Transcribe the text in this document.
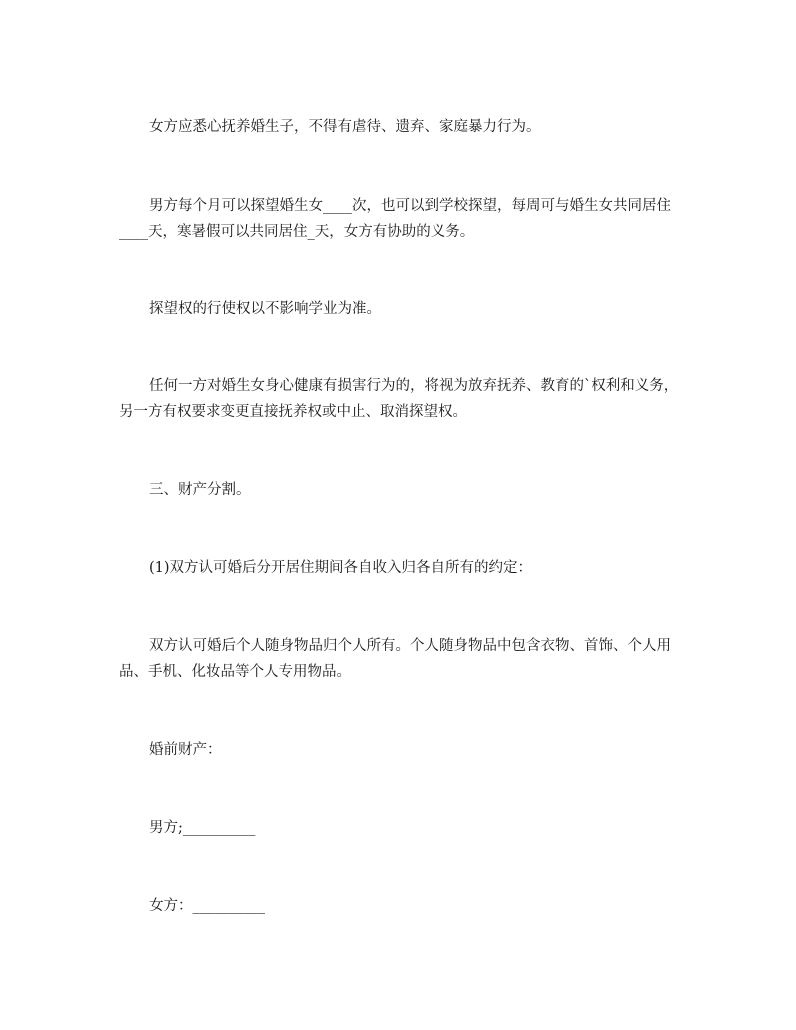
女方应悉心抚养婚生子，不得有虐待、遗弃、家庭暴力行为。

男方每个月可以探望婚生女____次，也可以到学校探望，每周可与婚生女共同居住____天，寒暑假可以共同居住_天，女方有协助的义务。

探望权的行使权以不影响学业为准。

任何一方对婚生女身心健康有损害行为的，将视为放弃抚养、教育的`权利和义务，另一方有权要求变更直接抚养权或中止、取消探望权。

三、财产分割。

(1)双方认可婚后分开居住期间各自收入归各自所有的约定：

双方认可婚后个人随身物品归个人所有。个人随身物品中包含衣物、首饰、个人用品、手机、化妆品等个人专用物品。

婚前财产：

男方;__________

女方：__________
